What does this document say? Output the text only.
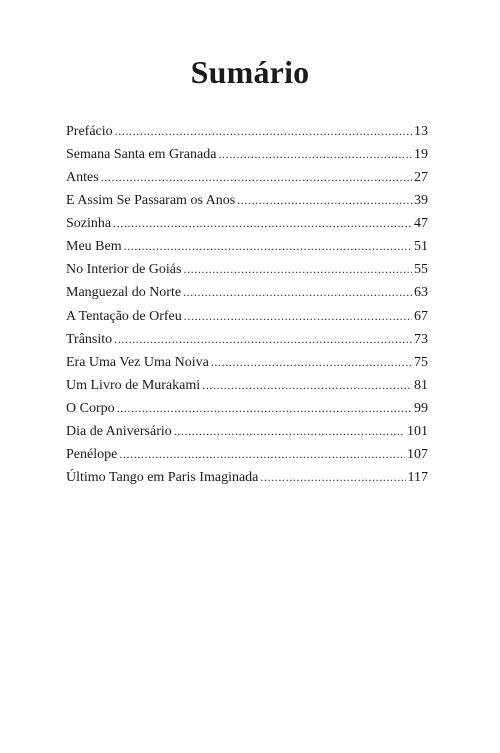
Sumário
Prefácio .....	13
Semana Santa em Granada .....	19
Antes .....	27
E Assim Se Passaram os Anos .....	39
Sozinha .....	47
Meu Bem .....	51
No Interior de Goiás .....	55
Manguezal do Norte .....	63
A Tentação de Orfeu .....	67
Trânsito .....	73
Era Uma Vez Uma Noiva .....	75
Um Livro de Murakami .....	81
O Corpo .....	99
Dia de Aniversário .....	101
Penélope .....	107
Último Tango em Paris Imaginada .....	117
